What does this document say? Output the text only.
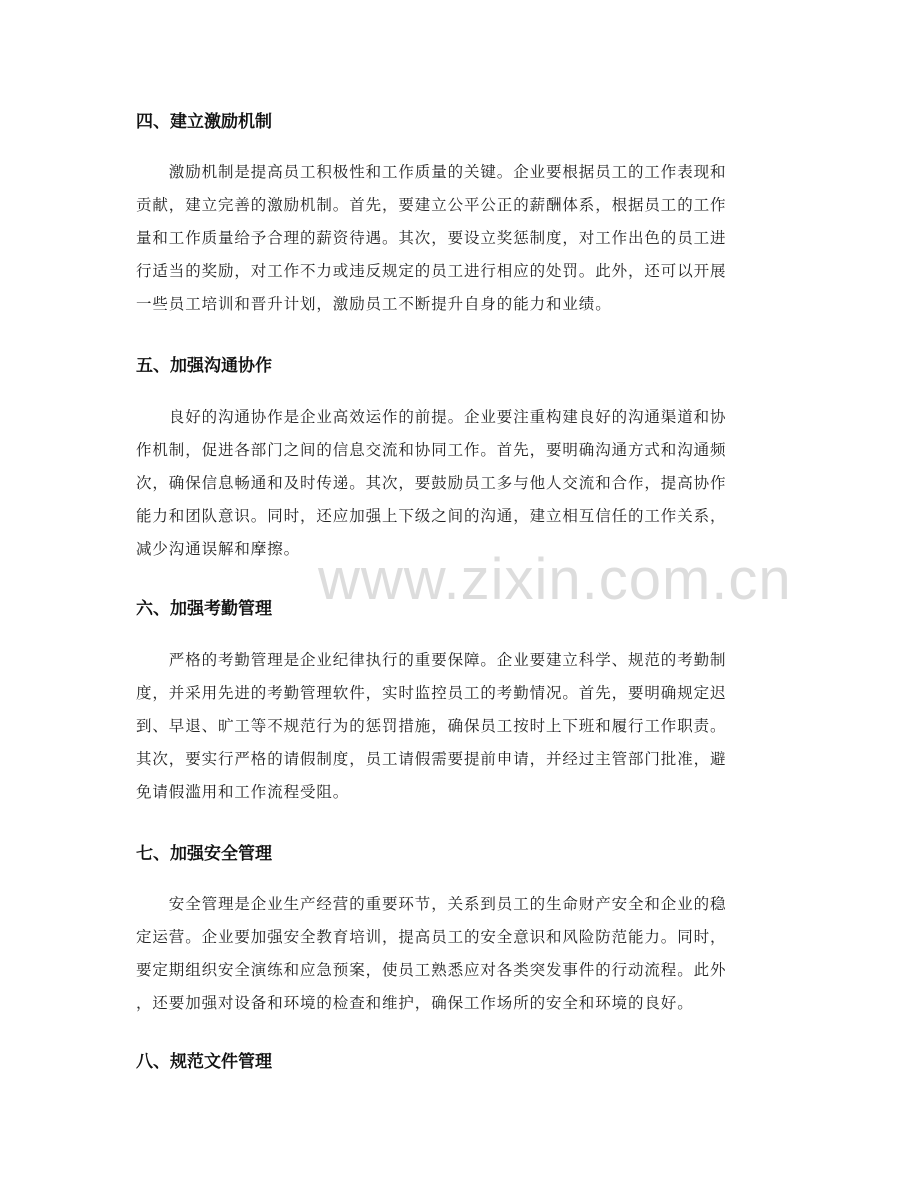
四、建立激励机制
　　激励机制是提高员工积极性和工作质量的关键。企业要根据员工的工作表现和
贡献，建立完善的激励机制。首先，要建立公平公正的薪酬体系，根据员工的工作
量和工作质量给予合理的薪资待遇。其次，要设立奖惩制度，对工作出色的员工进
行适当的奖励，对工作不力或违反规定的员工进行相应的处罚。此外，还可以开展
一些员工培训和晋升计划，激励员工不断提升自身的能力和业绩。
五、加强沟通协作
　　良好的沟通协作是企业高效运作的前提。企业要注重构建良好的沟通渠道和协
作机制，促进各部门之间的信息交流和协同工作。首先，要明确沟通方式和沟通频
次，确保信息畅通和及时传递。其次，要鼓励员工多与他人交流和合作，提高协作
能力和团队意识。同时，还应加强上下级之间的沟通，建立相互信任的工作关系，
减少沟通误解和摩擦。
六、加强考勤管理
　　严格的考勤管理是企业纪律执行的重要保障。企业要建立科学、规范的考勤制
度，并采用先进的考勤管理软件，实时监控员工的考勤情况。首先，要明确规定迟
到、早退、旷工等不规范行为的惩罚措施，确保员工按时上下班和履行工作职责。
其次，要实行严格的请假制度，员工请假需要提前申请，并经过主管部门批准，避
免请假滥用和工作流程受阻。
七、加强安全管理
　　安全管理是企业生产经营的重要环节，关系到员工的生命财产安全和企业的稳
定运营。企业要加强安全教育培训，提高员工的安全意识和风险防范能力。同时，
要定期组织安全演练和应急预案，使员工熟悉应对各类突发事件的行动流程。此外
，还要加强对设备和环境的检查和维护，确保工作场所的安全和环境的良好。
八、规范文件管理
www.zixin.com.cn
